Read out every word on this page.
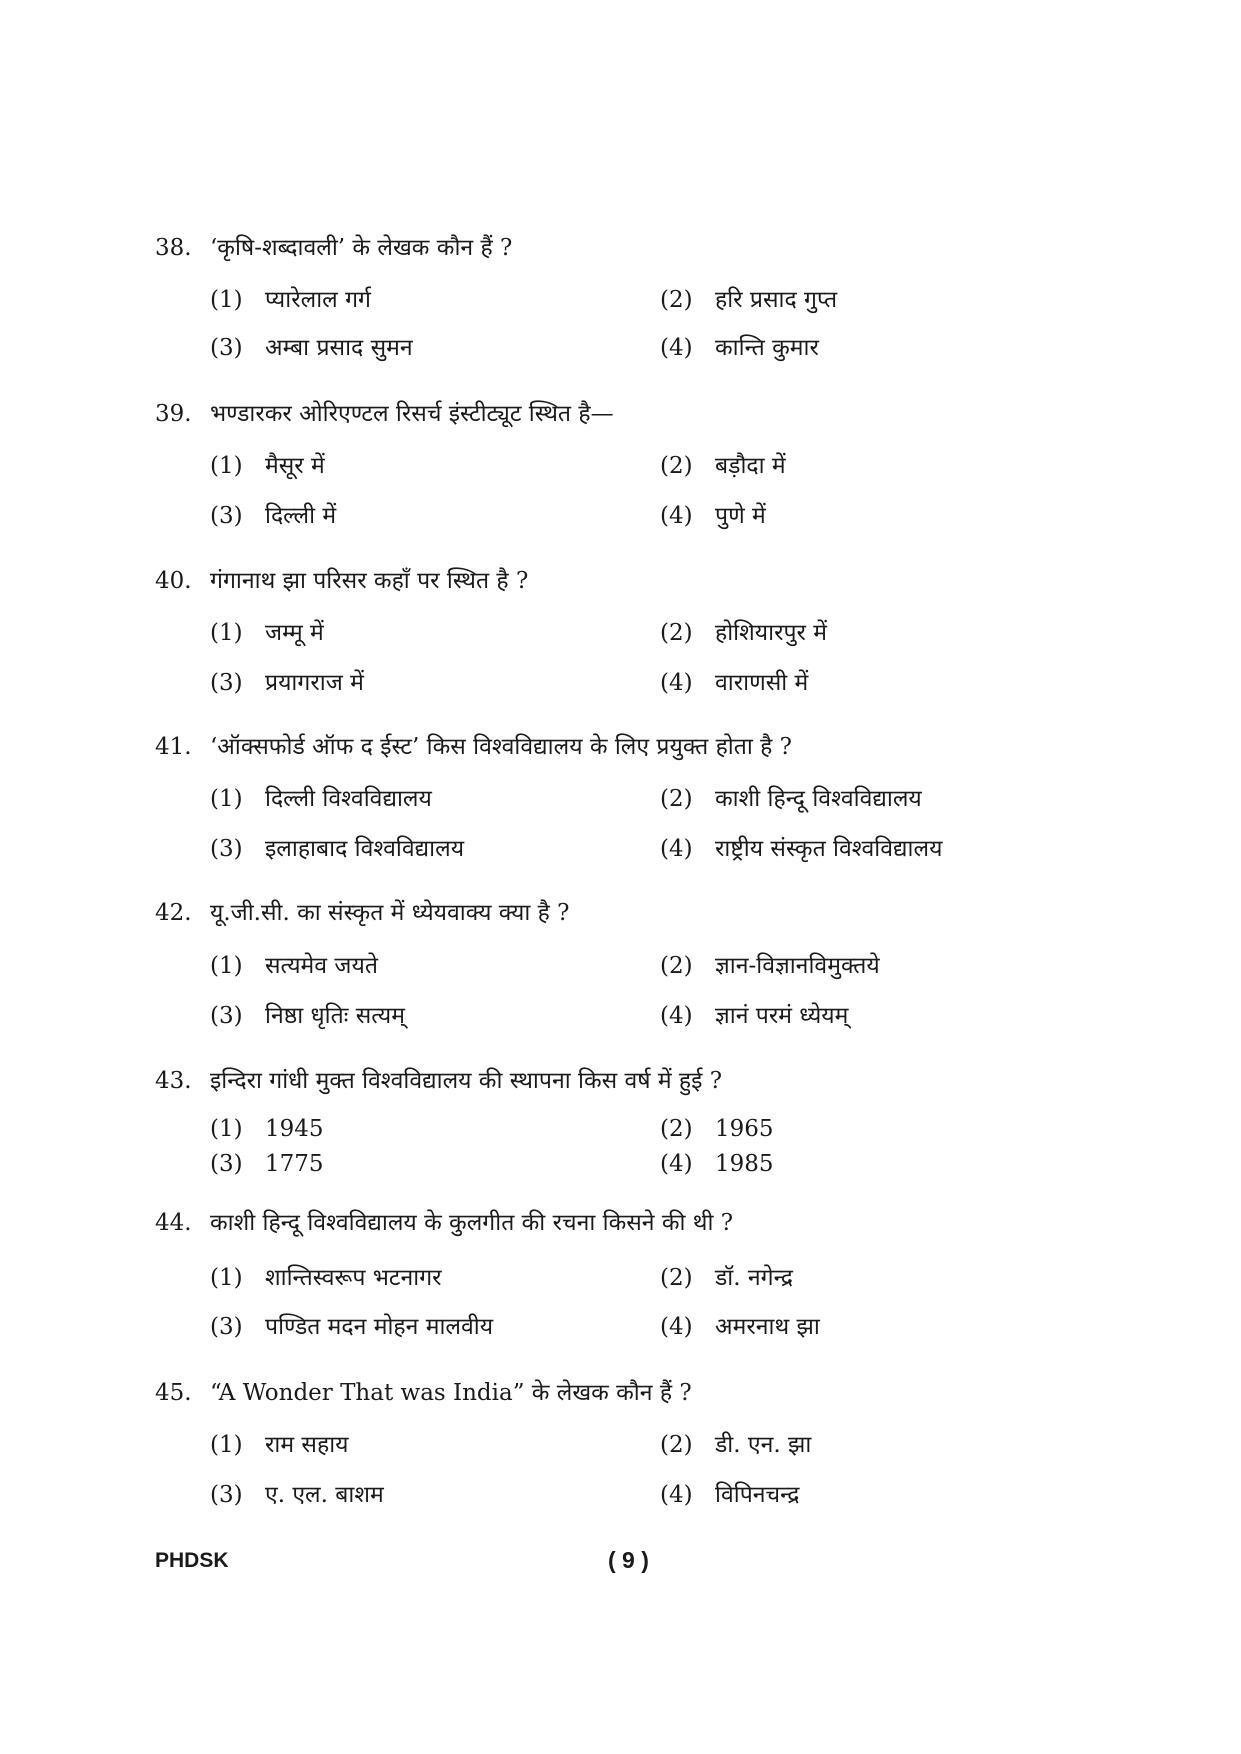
38. ‘कृषि-शब्दावली’ के लेखक कौन हैं ?
(1) प्यारेलाल गर्ग	(2) हरि प्रसाद गुप्त
(3) अम्बा प्रसाद सुमन	(4) कान्ति कुमार
39. भण्डारकर ओरिएण्टल रिसर्च इंस्टीट्यूट स्थित है—
(1) मैसूर में	(2) बड़ौदा में
(3) दिल्ली में	(4) पुणे में
40. गंगानाथ झा परिसर कहाँ पर स्थित है ?
(1) जम्मू में	(2) होशियारपुर में
(3) प्रयागराज में	(4) वाराणसी में
41. ‘ऑक्सफोर्ड ऑफ द ईस्ट’ किस विश्वविद्यालय के लिए प्रयुक्त होता है ?
(1) दिल्ली विश्वविद्यालय	(2) काशी हिन्दू विश्वविद्यालय
(3) इलाहाबाद विश्वविद्यालय	(4) राष्ट्रीय संस्कृत विश्वविद्यालय
42. यू.जी.सी. का संस्कृत में ध्येयवाक्य क्या है ?
(1) सत्यमेव जयते	(2) ज्ञान-विज्ञानविमुक्तये
(3) निष्ठा धृतिः सत्यम्	(4) ज्ञानं परमं ध्येयम्
43. इन्दिरा गांधी मुक्त विश्वविद्यालय की स्थापना किस वर्ष में हुई ?
(1) 1945	(2) 1965
(3) 1775	(4) 1985
44. काशी हिन्दू विश्वविद्यालय के कुलगीत की रचना किसने की थी ?
(1) शान्तिस्वरूप भटनागर	(2) डॉ. नगेन्द्र
(3) पण्डित मदन मोहन मालवीय	(4) अमरनाथ झा
45. “A Wonder That was India” के लेखक कौन हैं ?
(1) राम सहाय	(2) डी. एन. झा
(3) ए. एल. बाशम	(4) विपिनचन्द्र
PHDSK	( 9 )
